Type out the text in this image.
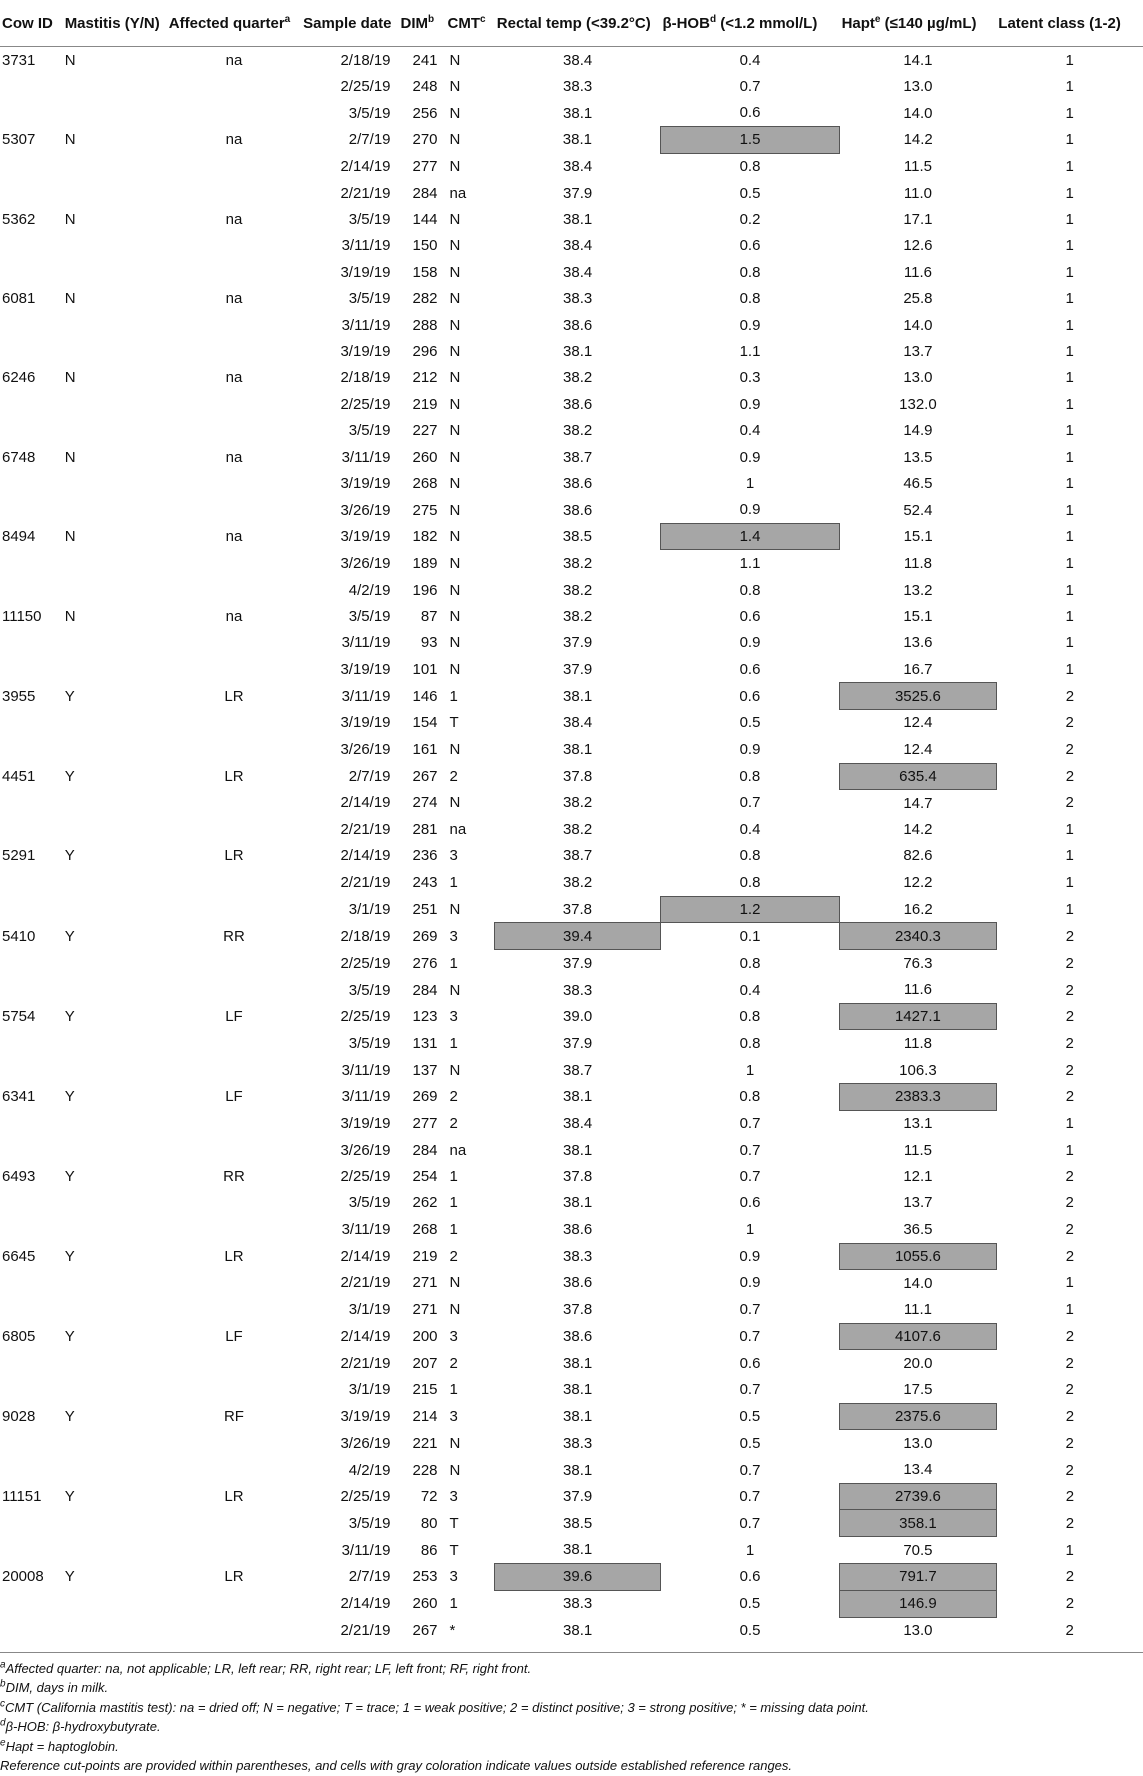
Cow ID	Mastitis (Y/N)	Affected quarter$^a$	Sample date	DIM$^b$	CMT$^c$	Rectal temp (<39.2°C)	β-HOB$^d$ (<1.2 mmol/L)	Hapt$^e$ (≤140 µg/mL)	Latent class (1-2)
3731	N	na	2/18/19	241	N	38.4	0.4	14.1	1
			2/25/19	248	N	38.3	0.7	13.0	1
			3/5/19	256	N	38.1	0.6	14.0	1
5307	N	na	2/7/19	270	N	38.1	1.5	14.2	1
			2/14/19	277	N	38.4	0.8	11.5	1
			2/21/19	284	na	37.9	0.5	11.0	1
5362	N	na	3/5/19	144	N	38.1	0.2	17.1	1
			3/11/19	150	N	38.4	0.6	12.6	1
			3/19/19	158	N	38.4	0.8	11.6	1
6081	N	na	3/5/19	282	N	38.3	0.8	25.8	1
			3/11/19	288	N	38.6	0.9	14.0	1
			3/19/19	296	N	38.1	1.1	13.7	1
6246	N	na	2/18/19	212	N	38.2	0.3	13.0	1
			2/25/19	219	N	38.6	0.9	132.0	1
			3/5/19	227	N	38.2	0.4	14.9	1
6748	N	na	3/11/19	260	N	38.7	0.9	13.5	1
			3/19/19	268	N	38.6	1	46.5	1
			3/26/19	275	N	38.6	0.9	52.4	1
8494	N	na	3/19/19	182	N	38.5	1.4	15.1	1
			3/26/19	189	N	38.2	1.1	11.8	1
			4/2/19	196	N	38.2	0.8	13.2	1
11150	N	na	3/5/19	87	N	38.2	0.6	15.1	1
			3/11/19	93	N	37.9	0.9	13.6	1
			3/19/19	101	N	37.9	0.6	16.7	1
3955	Y	LR	3/11/19	146	1	38.1	0.6	3525.6	2
			3/19/19	154	T	38.4	0.5	12.4	2
			3/26/19	161	N	38.1	0.9	12.4	2
4451	Y	LR	2/7/19	267	2	37.8	0.8	635.4	2
			2/14/19	274	N	38.2	0.7	14.7	2
			2/21/19	281	na	38.2	0.4	14.2	1
5291	Y	LR	2/14/19	236	3	38.7	0.8	82.6	1
			2/21/19	243	1	38.2	0.8	12.2	1
			3/1/19	251	N	37.8	1.2	16.2	1
5410	Y	RR	2/18/19	269	3	39.4	0.1	2340.3	2
			2/25/19	276	1	37.9	0.8	76.3	2
			3/5/19	284	N	38.3	0.4	11.6	2
5754	Y	LF	2/25/19	123	3	39.0	0.8	1427.1	2
			3/5/19	131	1	37.9	0.8	11.8	2
			3/11/19	137	N	38.7	1	106.3	2
6341	Y	LF	3/11/19	269	2	38.1	0.8	2383.3	2
			3/19/19	277	2	38.4	0.7	13.1	1
			3/26/19	284	na	38.1	0.7	11.5	1
6493	Y	RR	2/25/19	254	1	37.8	0.7	12.1	2
			3/5/19	262	1	38.1	0.6	13.7	2
			3/11/19	268	1	38.6	1	36.5	2
6645	Y	LR	2/14/19	219	2	38.3	0.9	1055.6	2
			2/21/19	271	N	38.6	0.9	14.0	1
			3/1/19	271	N	37.8	0.7	11.1	1
6805	Y	LF	2/14/19	200	3	38.6	0.7	4107.6	2
			2/21/19	207	2	38.1	0.6	20.0	2
			3/1/19	215	1	38.1	0.7	17.5	2
9028	Y	RF	3/19/19	214	3	38.1	0.5	2375.6	2
			3/26/19	221	N	38.3	0.5	13.0	2
			4/2/19	228	N	38.1	0.7	13.4	2
11151	Y	LR	2/25/19	72	3	37.9	0.7	2739.6	2
			3/5/19	80	T	38.5	0.7	358.1	2
			3/11/19	86	T	38.1	1	70.5	1
20008	Y	LR	2/7/19	253	3	39.6	0.6	791.7	2
			2/14/19	260	1	38.3	0.5	146.9	2
			2/21/19	267	*	38.1	0.5	13.0	2
$^a$Affected quarter: na, not applicable; LR, left rear; RR, right rear; LF, left front; RF, right front.
$^b$DIM, days in milk.
$^c$CMT (California mastitis test): na = dried off; N = negative; T = trace; 1 = weak positive; 2 = distinct positive; 3 = strong positive; * = missing data point.
$^d$β-HOB: β-hydroxybutyrate.
$^e$Hapt = haptoglobin.
Reference cut-points are provided within parentheses, and cells with gray coloration indicate values outside established reference ranges.
